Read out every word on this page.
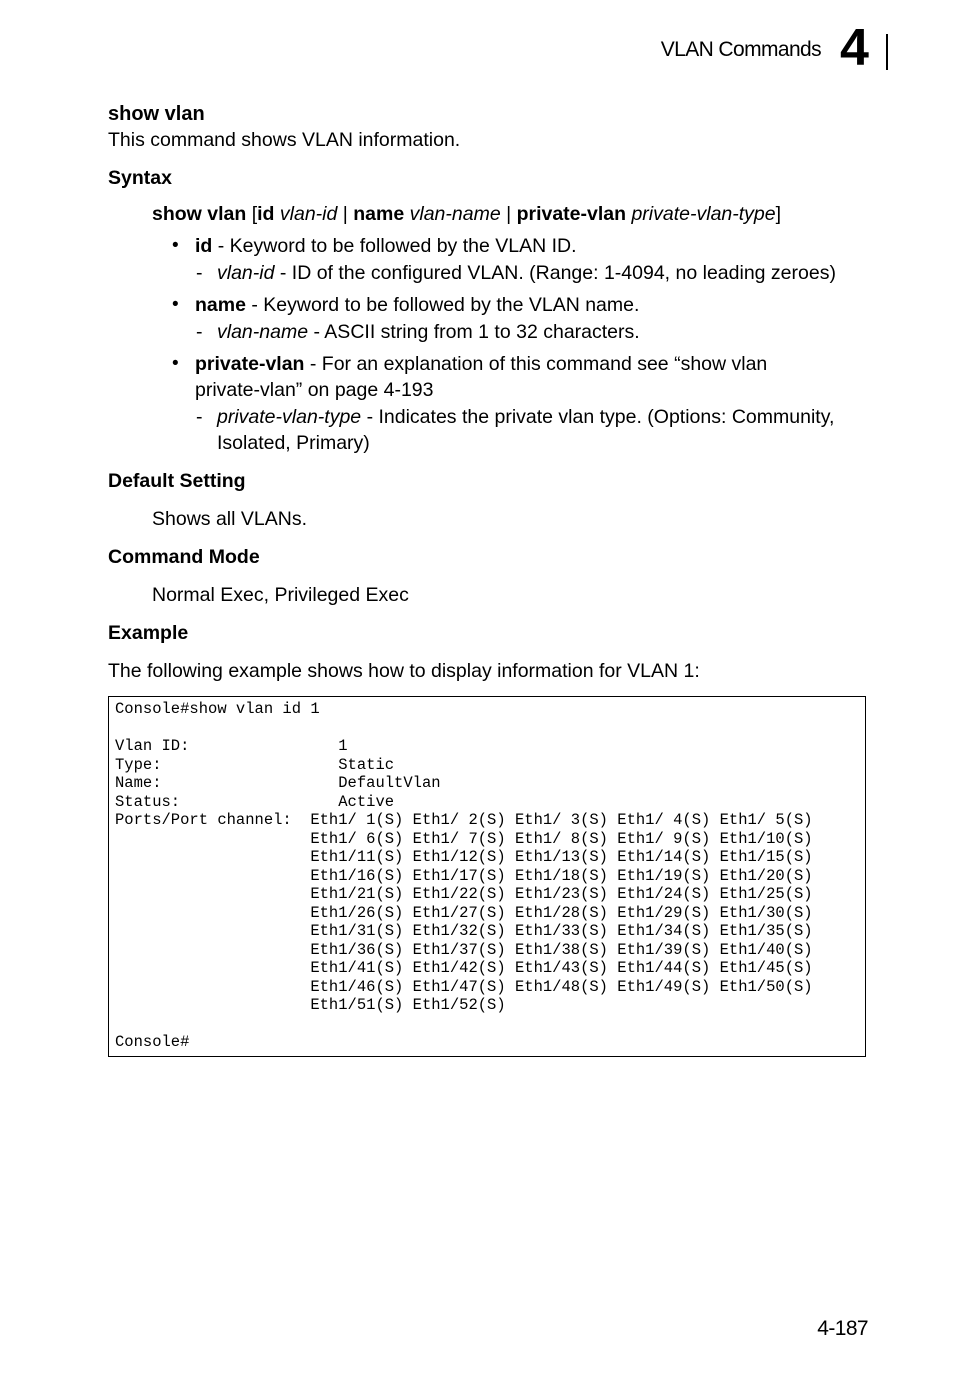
VLAN Commands 4
show vlan

This command shows VLAN information.

Syntax

show vlan [id vlan-id | name vlan-name | private-vlan private-vlan-type]

• id - Keyword to be followed by the VLAN ID.
- vlan-id - ID of the configured VLAN. (Range: 1-4094, no leading zeroes)
• name - Keyword to be followed by the VLAN name.
- vlan-name - ASCII string from 1 to 32 characters.
• private-vlan - For an explanation of this command see “show vlan private-vlan” on page 4-193
- private-vlan-type - Indicates the private vlan type. (Options: Community, Isolated, Primary)
Default Setting

Shows all VLANs.

Command Mode

Normal Exec, Privileged Exec

Example

The following example shows how to display information for VLAN 1:

Console#show vlan id 1

Vlan ID:                1
Type:                   Static
Name:                   DefaultVlan
Status:                 Active
Ports/Port channel:  Eth1/ 1(S) Eth1/ 2(S) Eth1/ 3(S) Eth1/ 4(S) Eth1/ 5(S)
Eth1/ 6(S) Eth1/ 7(S) Eth1/ 8(S) Eth1/ 9(S) Eth1/10(S)
Eth1/11(S) Eth1/12(S) Eth1/13(S) Eth1/14(S) Eth1/15(S)
Eth1/16(S) Eth1/17(S) Eth1/18(S) Eth1/19(S) Eth1/20(S)
Eth1/21(S) Eth1/22(S) Eth1/23(S) Eth1/24(S) Eth1/25(S)
Eth1/26(S) Eth1/27(S) Eth1/28(S) Eth1/29(S) Eth1/30(S)
Eth1/31(S) Eth1/32(S) Eth1/33(S) Eth1/34(S) Eth1/35(S)
Eth1/36(S) Eth1/37(S) Eth1/38(S) Eth1/39(S) Eth1/40(S)
Eth1/41(S) Eth1/42(S) Eth1/43(S) Eth1/44(S) Eth1/45(S)
Eth1/46(S) Eth1/47(S) Eth1/48(S) Eth1/49(S) Eth1/50(S)
Eth1/51(S) Eth1/52(S)

Console#
4-187
